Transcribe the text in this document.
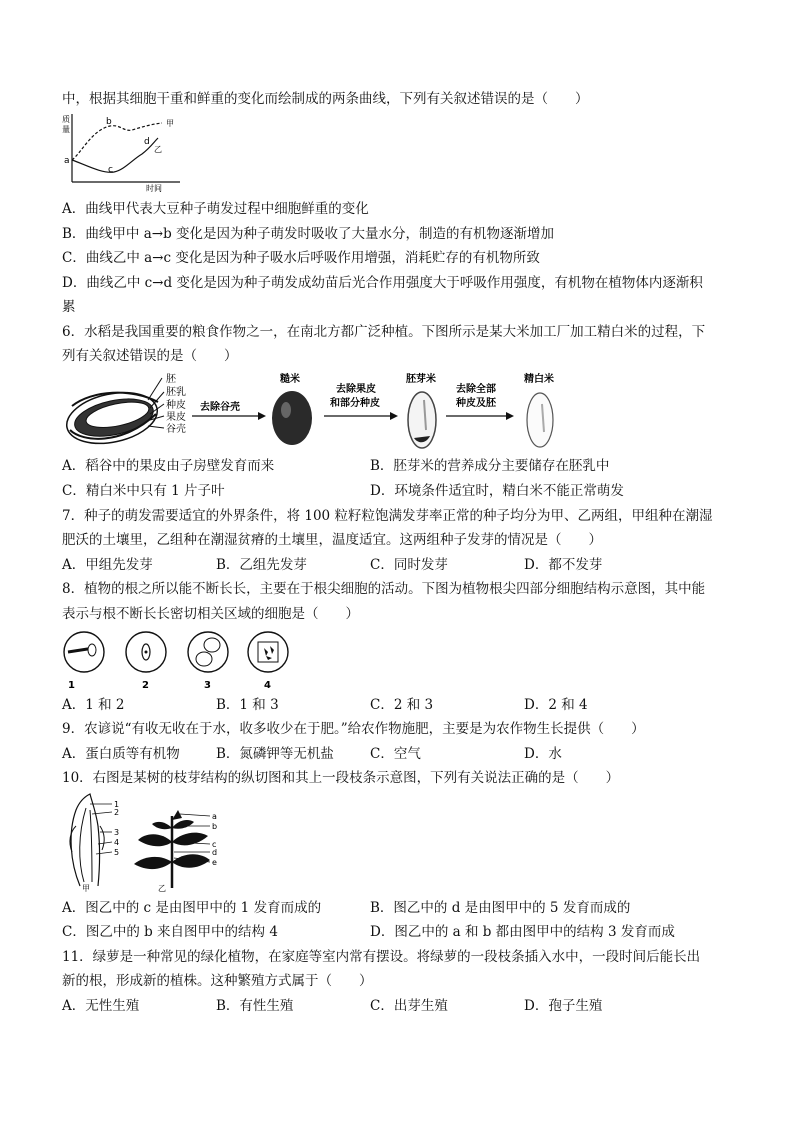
中，根据其细胞干重和鲜重的变化而绘制成的两条曲线，下列有关叙述错误的是（　　）
质
量
时间
a
b
c
d
甲
乙
A．曲线甲代表大豆种子萌发过程中细胞鲜重的变化
B．曲线甲中 a→b 变化是因为种子萌发时吸收了大量水分，制造的有机物逐渐增加
C．曲线乙中 a→c 变化是因为种子吸水后呼吸作用增强，消耗贮存的有机物所致
D．曲线乙中 c→d 变化是因为种子萌发成幼苗后光合作用强度大于呼吸作用强度，有机物在植物体内逐渐积
累
6．水稻是我国重要的粮食作物之一，在南北方都广泛种植。下图所示是某大米加工厂加工精白米的过程，下
列有关叙述错误的是（　　）
胚
胚乳
种皮
果皮
谷壳
去除谷壳
糙米
去除果皮
和部分种皮
胚芽米
去除全部
种皮及胚
精白米
A．稻谷中的果皮由子房壁发育而来	B．胚芽米的营养成分主要储存在胚乳中
C．精白米中只有 1 片子叶	D．环境条件适宜时，精白米不能正常萌发
7．种子的萌发需要适宜的外界条件，将 100 粒籽粒饱满发芽率正常的种子均分为甲、乙两组，甲组种在潮湿
肥沃的土壤里，乙组种在潮湿贫瘠的土壤里，温度适宜。这两组种子发芽的情况是（　　）
A．甲组先发芽	B．乙组先发芽	C．同时发芽	D．都不发芽
8．植物的根之所以能不断长长，主要在于根尖细胞的活动。下图为植物根尖四部分细胞结构示意图，其中能
表示与根不断长长密切相关区域的细胞是（　　）
1	2	3	4
A．1 和 2	B．1 和 3	C．2 和 3	D．2 和 4
9．农谚说“有收无收在于水，收多收少在于肥。”给农作物施肥，主要是为农作物生长提供（　　）
A．蛋白质等有机物	B．氮磷钾等无机盐	C．空气	D．水
10．右图是某树的枝芽结构的纵切图和其上一段枝条示意图，下列有关说法正确的是（　　）
1
2
3
4
5
甲
a
b
c
d
e
乙
A．图乙中的 c 是由图甲中的 1 发育而成的	B．图乙中的 d 是由图甲中的 5 发育而成的
C．图乙中的 b 来自图甲中的结构 4	D．图乙中的 a 和 b 都由图甲中的结构 3 发育而成
11．绿萝是一种常见的绿化植物，在家庭等室内常有摆设。将绿萝的一段枝条插入水中，一段时间后能长出
新的根，形成新的植株。这种繁殖方式属于（　　）
A．无性生殖	B．有性生殖	C．出芽生殖	D．孢子生殖
